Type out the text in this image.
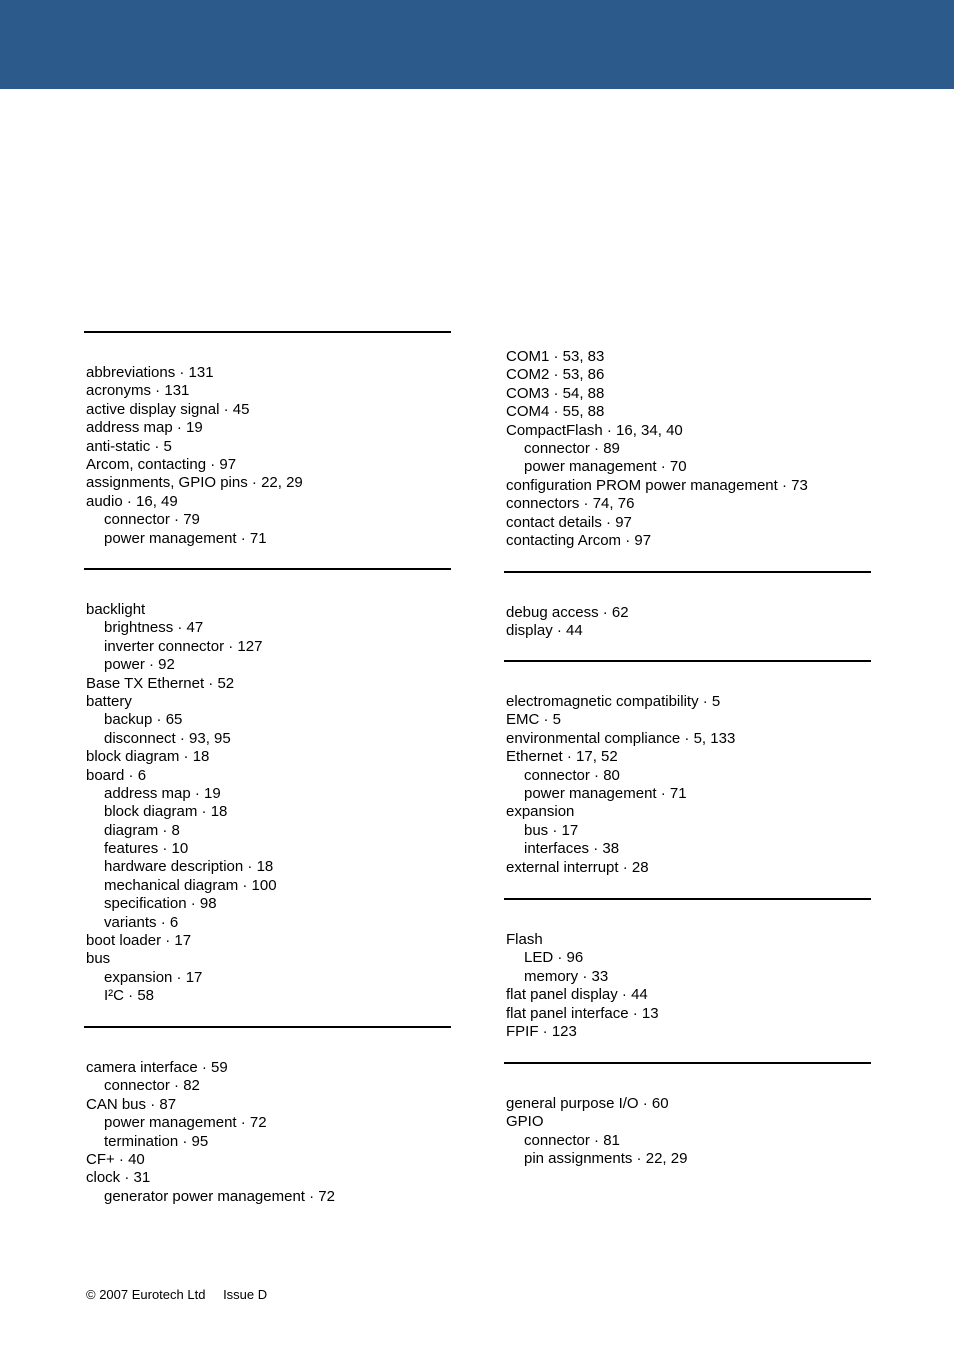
abbreviations · 131
acronyms · 131
active display signal · 45
address map · 19
anti-static · 5
Arcom, contacting · 97
assignments, GPIO pins · 22, 29
audio · 16, 49
connector · 79
power management · 71
backlight
brightness · 47
inverter connector · 127
power · 92
Base TX Ethernet · 52
battery
backup · 65
disconnect · 93, 95
block diagram · 18
board · 6
address map · 19
block diagram · 18
diagram · 8
features · 10
hardware description · 18
mechanical diagram · 100
specification · 98
variants · 6
boot loader · 17
bus
expansion · 17
I²C · 58
camera interface · 59
connector · 82
CAN bus · 87
power management · 72
termination · 95
CF+ · 40
clock · 31
generator power management · 72
COM1 · 53, 83
COM2 · 53, 86
COM3 · 54, 88
COM4 · 55, 88
CompactFlash · 16, 34, 40
connector · 89
power management · 70
configuration PROM power management · 73
connectors · 74, 76
contact details · 97
contacting Arcom · 97
debug access · 62
display · 44
electromagnetic compatibility · 5
EMC · 5
environmental compliance · 5, 133
Ethernet · 17, 52
connector · 80
power management · 71
expansion
bus · 17
interfaces · 38
external interrupt · 28
Flash
LED · 96
memory · 33
flat panel display · 44
flat panel interface · 13
FPIF · 123
general purpose I/O · 60
GPIO
connector · 81
pin assignments · 22, 29
© 2007 Eurotech Ltd Issue D
